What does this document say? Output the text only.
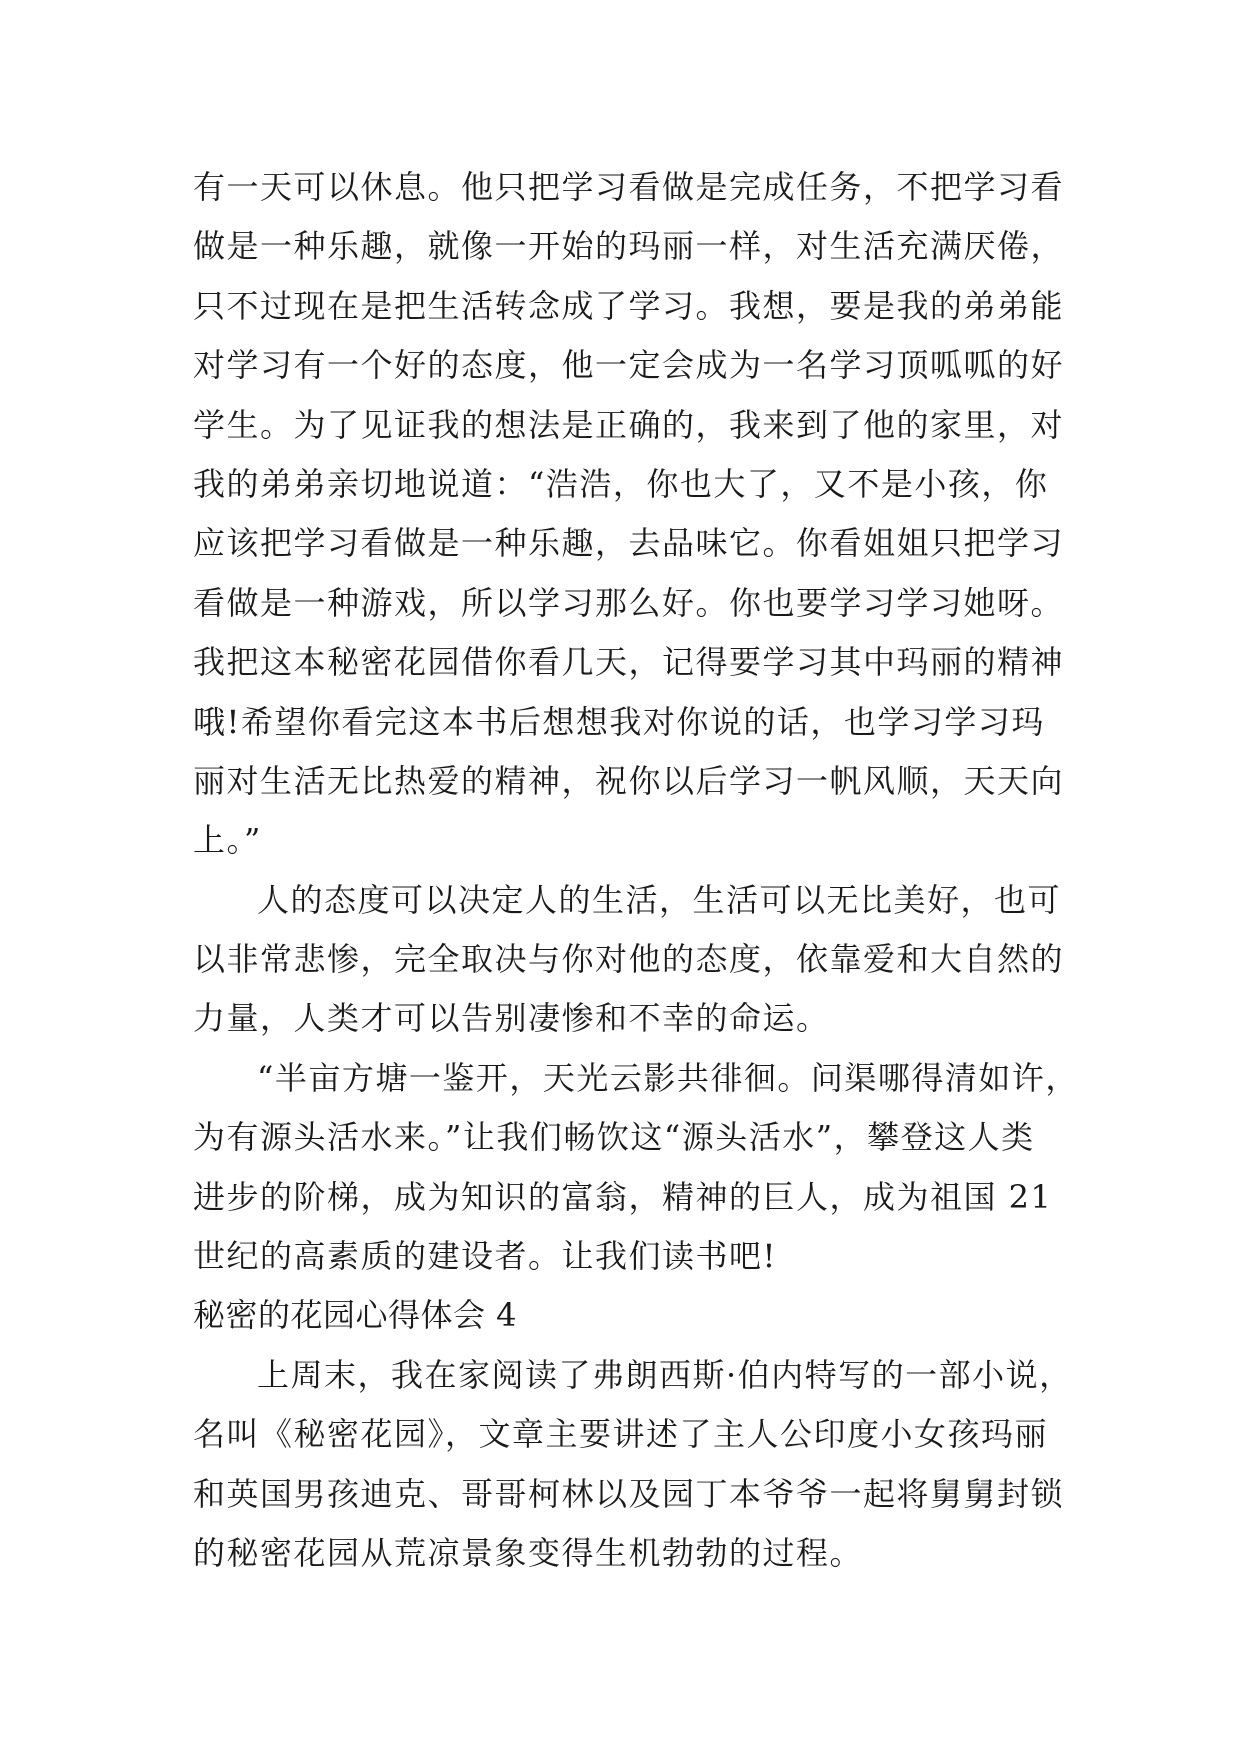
有一天可以休息。他只把学习看做是完成任务，不把学习看
做是一种乐趣，就像一开始的玛丽一样，对生活充满厌倦，
只不过现在是把生活转念成了学习。我想，要是我的弟弟能
对学习有一个好的态度，他一定会成为一名学习顶呱呱的好
学生。为了见证我的想法是正确的，我来到了他的家里，对
我的弟弟亲切地说道：“浩浩，你也大了，又不是小孩，你
应该把学习看做是一种乐趣，去品味它。你看姐姐只把学习
看做是一种游戏，所以学习那么好。你也要学习学习她呀。
我把这本秘密花园借你看几天，记得要学习其中玛丽的精神
哦!希望你看完这本书后想想我对你说的话，也学习学习玛
丽对生活无比热爱的精神，祝你以后学习一帆风顺，天天向
上。”
人的态度可以决定人的生活，生活可以无比美好，也可
以非常悲惨，完全取决与你对他的态度，依靠爱和大自然的
力量，人类才可以告别凄惨和不幸的命运。
“半亩方塘一鉴开，天光云影共徘徊。问渠哪得清如许，
为有源头活水来。”让我们畅饮这“源头活水”，攀登这人类
进步的阶梯，成为知识的富翁，精神的巨人，成为祖国 21
世纪的高素质的建设者。让我们读书吧!
秘密的花园心得体会 4
上周末，我在家阅读了弗朗西斯·伯内特写的一部小说，
名叫《秘密花园》，文章主要讲述了主人公印度小女孩玛丽
和英国男孩迪克、哥哥柯林以及园丁本爷爷一起将舅舅封锁
的秘密花园从荒凉景象变得生机勃勃的过程。
